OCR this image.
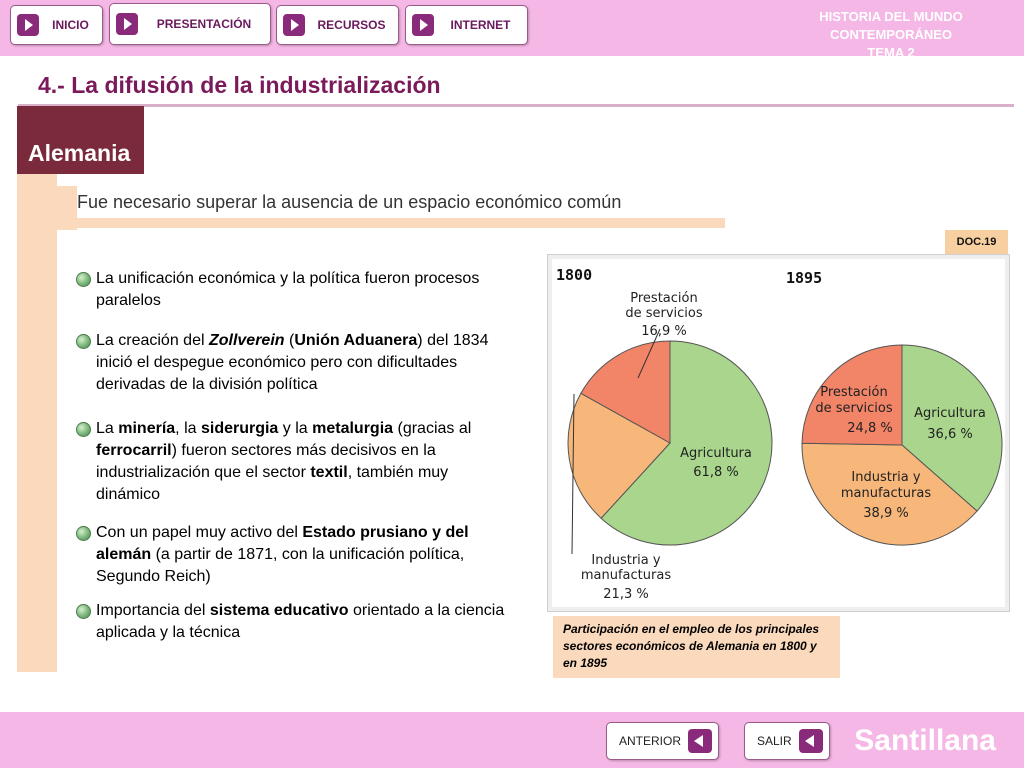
INICIO	PRESENTACIÓN	RECURSOS	INTERNET
HISTORIA DEL MUNDO CONTEMPORÁNEO
TEMA 2
4.- La difusión de la industrialización
Alemania
Fue necesario superar la ausencia de un espacio económico común
La unificación económica y la política fueron procesos paralelos
La creación del Zollverein (Unión Aduanera) del 1834 inició el despegue económico pero con dificultades derivadas de la división política
La minería, la siderurgia y la metalurgia (gracias al ferrocarril) fueron sectores más decisivos en la industrialización que el sector textil, también muy dinámico
Con un papel muy activo del Estado prusiano y del alemán (a partir de 1871, con la unificación política, Segundo Reich)
Importancia del sistema educativo orientado a la ciencia aplicada y la técnica
DOC.19
1800	1895
Prestación
de servicios
16,9 %
Agricultura
61,8 %
Industria y
manufacturas
21,3 %
Prestación
de servicios
24,8 %
Agricultura
36,6 %
Industria y
manufacturas
38,9 %
Participación en el empleo de los principales sectores económicos de Alemania en 1800 y en 1895
ANTERIOR	SALIR Santillana
